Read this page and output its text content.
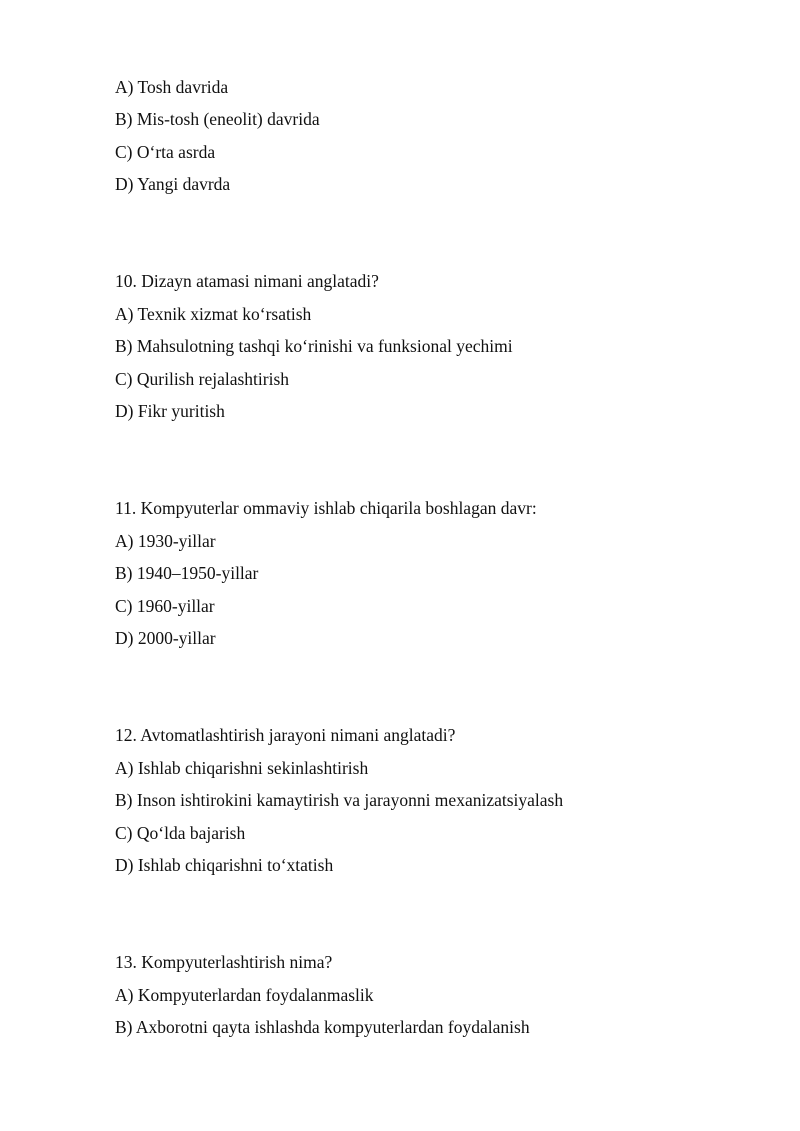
A) Tosh davrida
B) Mis-tosh (eneolit) davrida
C) O‘rta asrda
D) Yangi davrda
10. Dizayn atamasi nimani anglatadi?
A) Texnik xizmat ko‘rsatish
B) Mahsulotning tashqi ko‘rinishi va funksional yechimi
C) Qurilish rejalashtirish
D) Fikr yuritish
11. Kompyuterlar ommaviy ishlab chiqarila boshlagan davr:
A) 1930-yillar
B) 1940–1950-yillar
C) 1960-yillar
D) 2000-yillar
12. Avtomatlashtirish jarayoni nimani anglatadi?
A) Ishlab chiqarishni sekinlashtirish
B) Inson ishtirokini kamaytirish va jarayonni mexanizatsiyalash
C) Qo‘lda bajarish
D) Ishlab chiqarishni to‘xtatish
13. Kompyuterlashtirish nima?
A) Kompyuterlardan foydalanmaslik
B) Axborotni qayta ishlashda kompyuterlardan foydalanish
